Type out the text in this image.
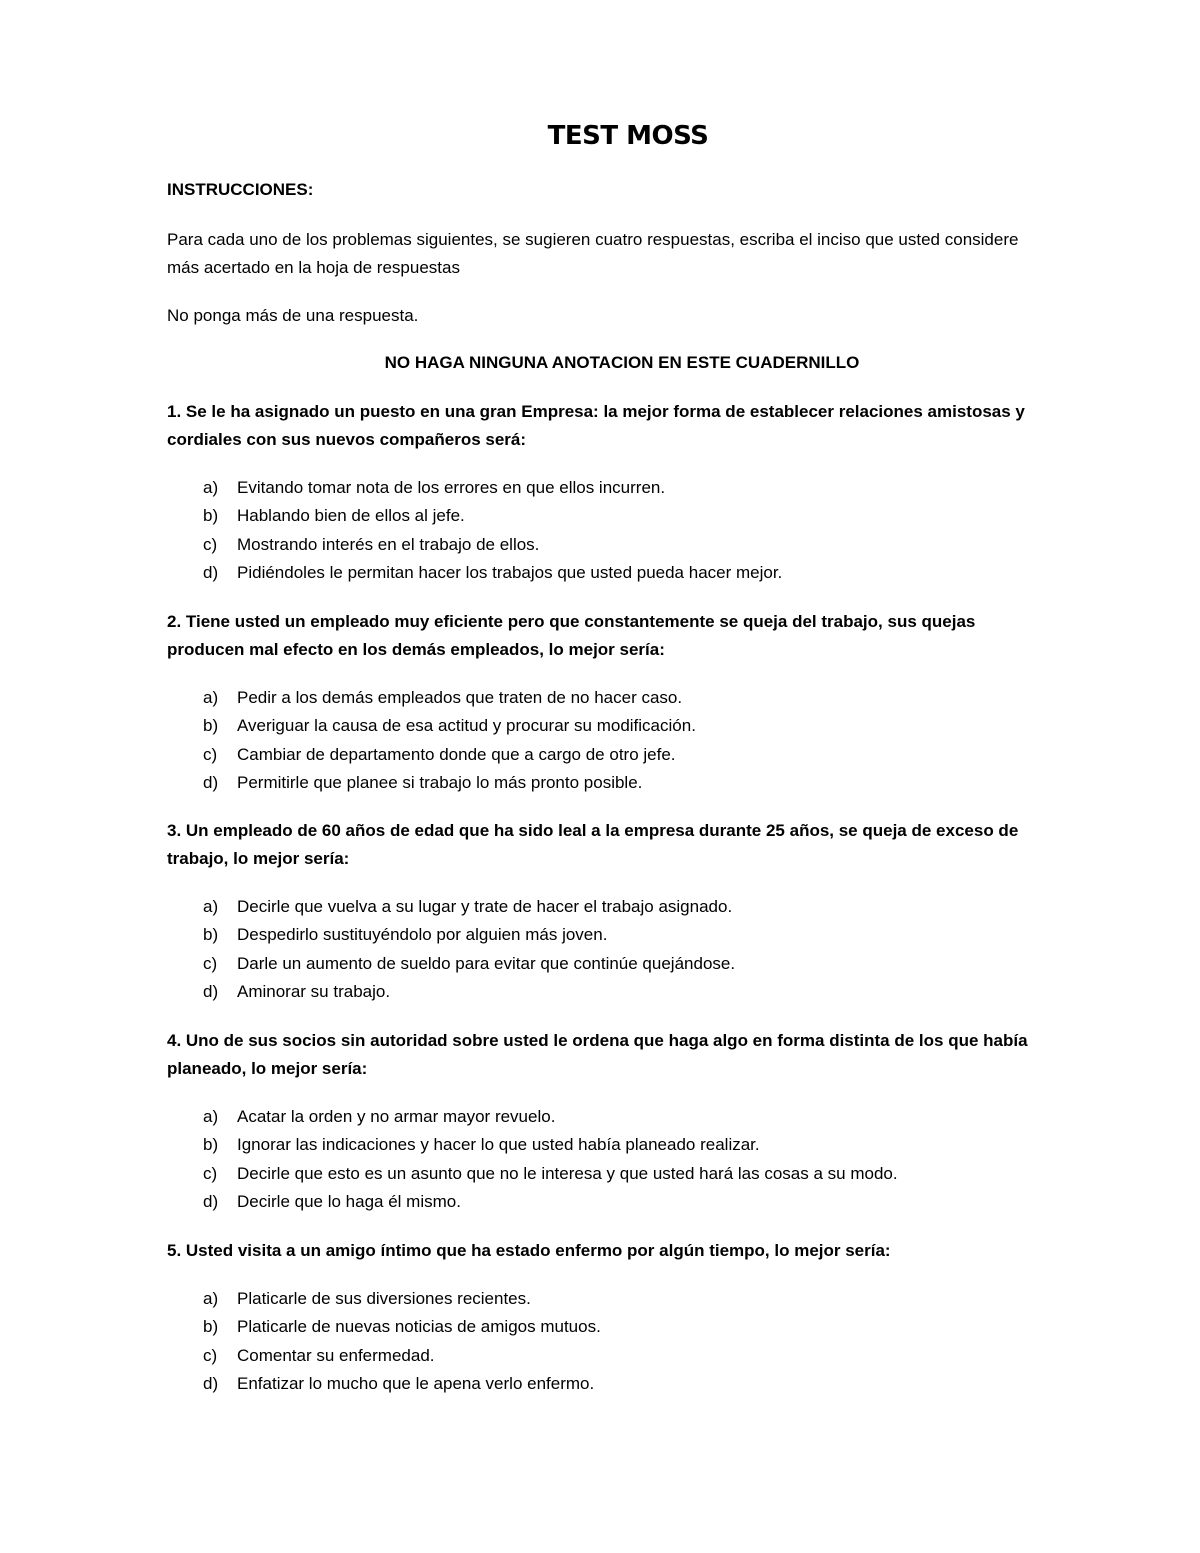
TEST MOSS
INSTRUCCIONES:
Para cada uno de los problemas siguientes, se sugieren cuatro respuestas, escriba el inciso que usted considere
más acertado en la hoja de respuestas
No ponga más de una respuesta.
NO HAGA NINGUNA ANOTACION EN ESTE CUADERNILLO
1. Se le ha asignado un puesto en una gran Empresa: la mejor forma de establecer relaciones amistosas y
cordiales con sus nuevos compañeros será:
a) Evitando tomar nota de los errores en que ellos incurren.
b) Hablando bien de ellos al jefe.
c) Mostrando interés en el trabajo de ellos.
d) Pidiéndoles le permitan hacer los trabajos que usted pueda hacer mejor.
2. Tiene usted un empleado muy eficiente pero que constantemente se queja del trabajo, sus quejas
producen mal efecto en los demás empleados, lo mejor sería:
a) Pedir a los demás empleados que traten de no hacer caso.
b) Averiguar la causa de esa actitud y procurar su modificación.
c) Cambiar de departamento donde que a cargo de otro jefe.
d) Permitirle que planee si trabajo lo más pronto posible.
3. Un empleado de 60 años de edad que ha sido leal a la empresa durante 25 años, se queja de exceso de
trabajo, lo mejor sería:
a) Decirle que vuelva a su lugar y trate de hacer el trabajo asignado.
b) Despedirlo sustituyéndolo por alguien más joven.
c) Darle un aumento de sueldo para evitar que continúe quejándose.
d) Aminorar su trabajo.
4. Uno de sus socios sin autoridad sobre usted le ordena que haga algo en forma distinta de los que había
planeado, lo mejor sería:
a) Acatar la orden y no armar mayor revuelo.
b) Ignorar las indicaciones y hacer lo que usted había planeado realizar.
c) Decirle que esto es un asunto que no le interesa y que usted hará las cosas a su modo.
d) Decirle que lo haga él mismo.
5. Usted visita a un amigo íntimo que ha estado enfermo por algún tiempo, lo mejor sería:
a) Platicarle de sus diversiones recientes.
b) Platicarle de nuevas noticias de amigos mutuos.
c) Comentar su enfermedad.
d) Enfatizar lo mucho que le apena verlo enfermo.
